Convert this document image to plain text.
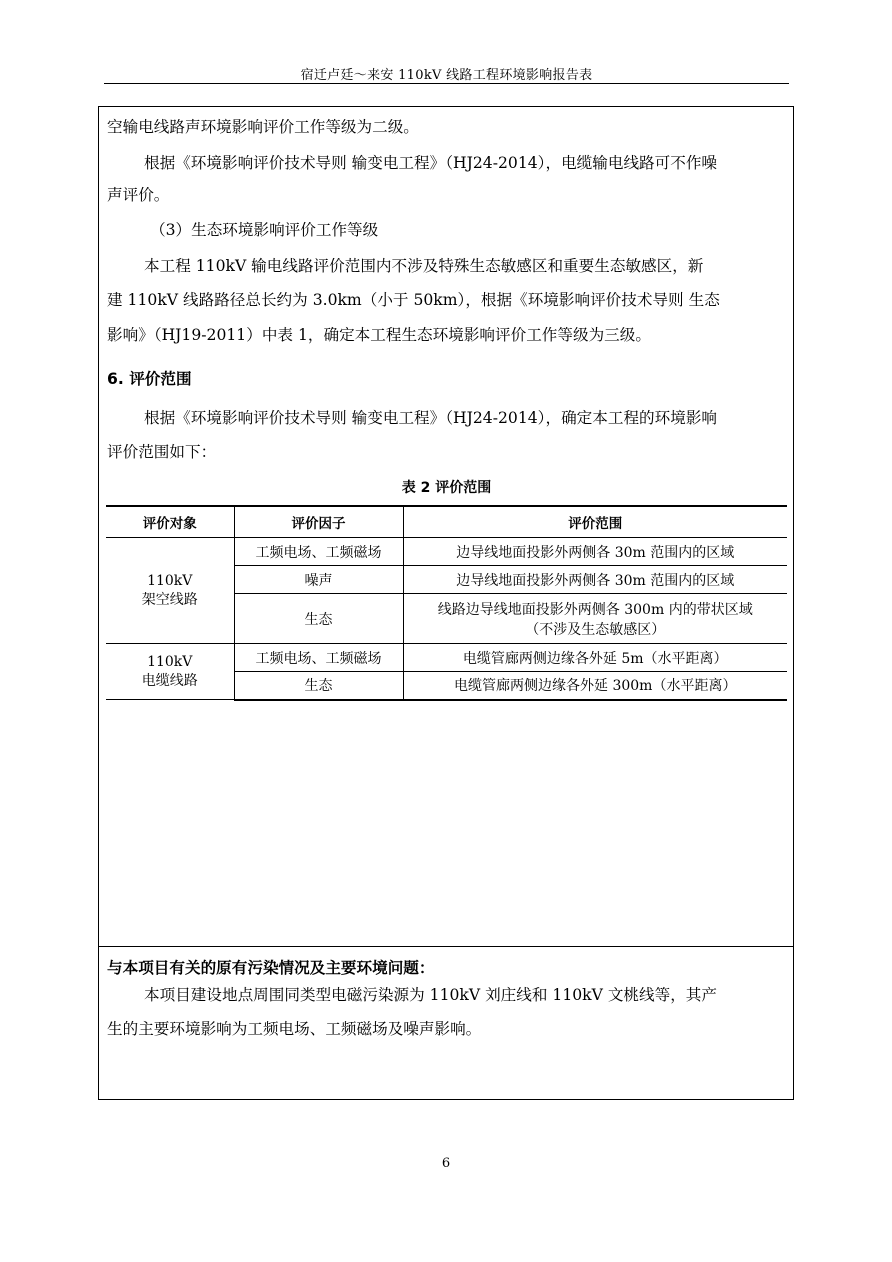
宿迁卢廷～来安 110kV 线路工程环境影响报告表
空输电线路声环境影响评价工作等级为二级。
根据《环境影响评价技术导则 输变电工程》（HJ24-2014），电缆输电线路可不作噪
声评价。
（3）生态环境影响评价工作等级
本工程 110kV 输电线路评价范围内不涉及特殊生态敏感区和重要生态敏感区，新
建 110kV 线路路径总长约为 3.0km（小于 50km），根据《环境影响评价技术导则 生态
影响》（HJ19-2011）中表 1，确定本工程生态环境影响评价工作等级为三级。
6. 评价范围
根据《环境影响评价技术导则 输变电工程》（HJ24-2014），确定本工程的环境影响
评价范围如下：
表 2 评价范围
评价对象	评价因子	评价范围

110kV
架空线路	工频电场、工频磁场	边导线地面投影外两侧各 30m 范围内的区域
	噪声	边导线地面投影外两侧各 30m 范围内的区域
	生态	线路边导线地面投影外两侧各 300m 内的带状区域
（不涉及生态敏感区）

110kV
电缆线路	工频电场、工频磁场	电缆管廊两侧边缘各外延 5m（水平距离）
	生态	电缆管廊两侧边缘各外延 300m（水平距离）
与本项目有关的原有污染情况及主要环境问题：
本项目建设地点周围同类型电磁污染源为 110kV 刘庄线和 110kV 文桃线等，其产
生的主要环境影响为工频电场、工频磁场及噪声影响。
6
